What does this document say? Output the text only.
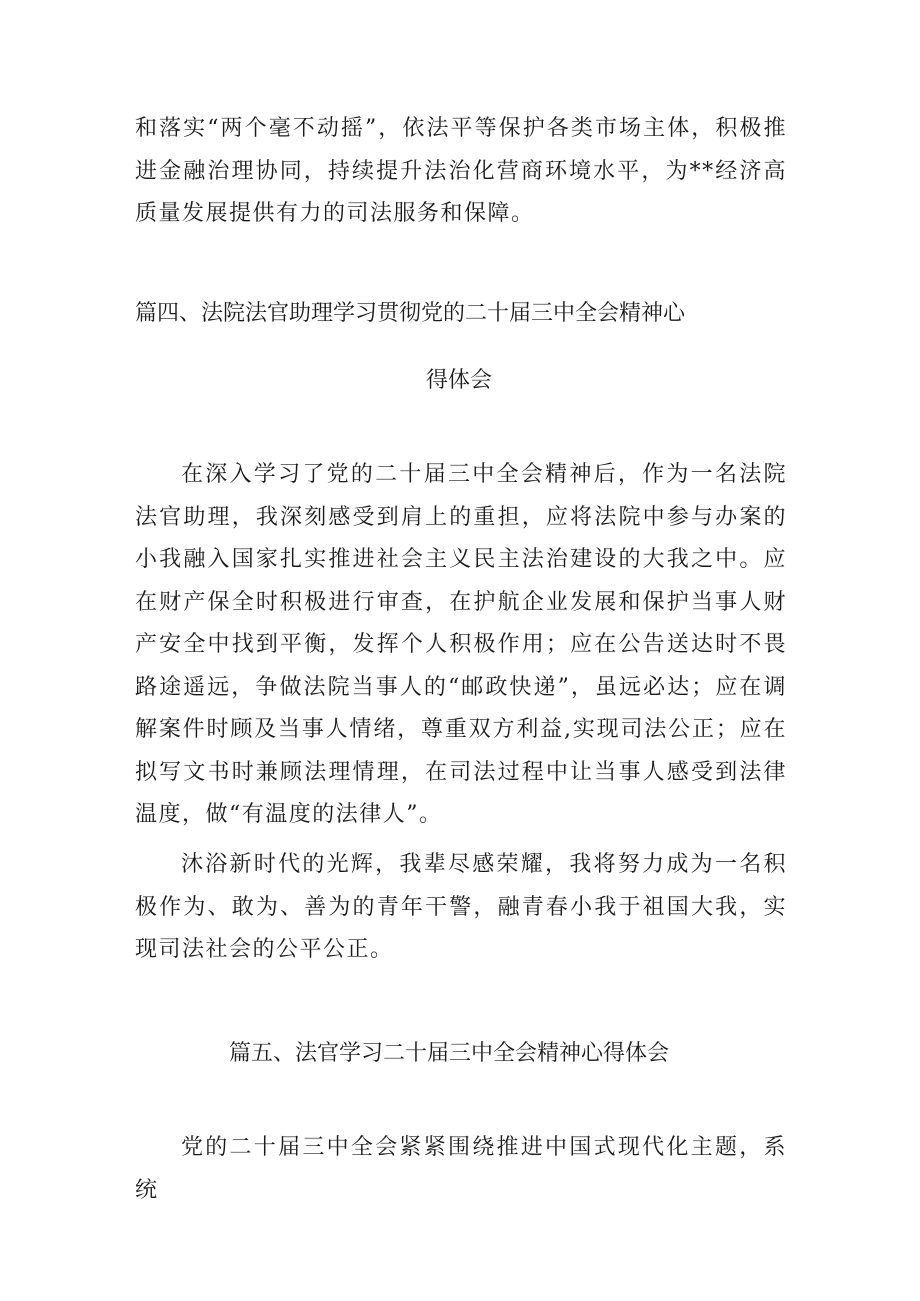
和落实“两个毫不动摇”，依法平等保护各类市场主体，积极推进金融治理协同，持续提升法治化营商环境水平，为**经济高质量发展提供有力的司法服务和保障。

篇四、法院法官助理学习贯彻党的二十届三中全会精神心
得体会

在深入学习了党的二十届三中全会精神后，作为一名法院法官助理，我深刻感受到肩上的重担，应将法院中参与办案的小我融入国家扎实推进社会主义民主法治建设的大我之中。应在财产保全时积极进行审查，在护航企业发展和保护当事人财产安全中找到平衡，发挥个人积极作用；应在公告送达时不畏路途遥远，争做法院当事人的“邮政快递”，虽远必达；应在调解案件时顾及当事人情绪，尊重双方利益,实现司法公正；应在拟写文书时兼顾法理情理，在司法过程中让当事人感受到法律温度，做“有温度的法律人”。

沐浴新时代的光辉，我辈尽感荣耀，我将努力成为一名积极作为、敢为、善为的青年干警，融青春小我于祖国大我，实现司法社会的公平公正。

篇五、法官学习二十届三中全会精神心得体会

党的二十届三中全会紧紧围绕推进中国式现代化主题，系统
